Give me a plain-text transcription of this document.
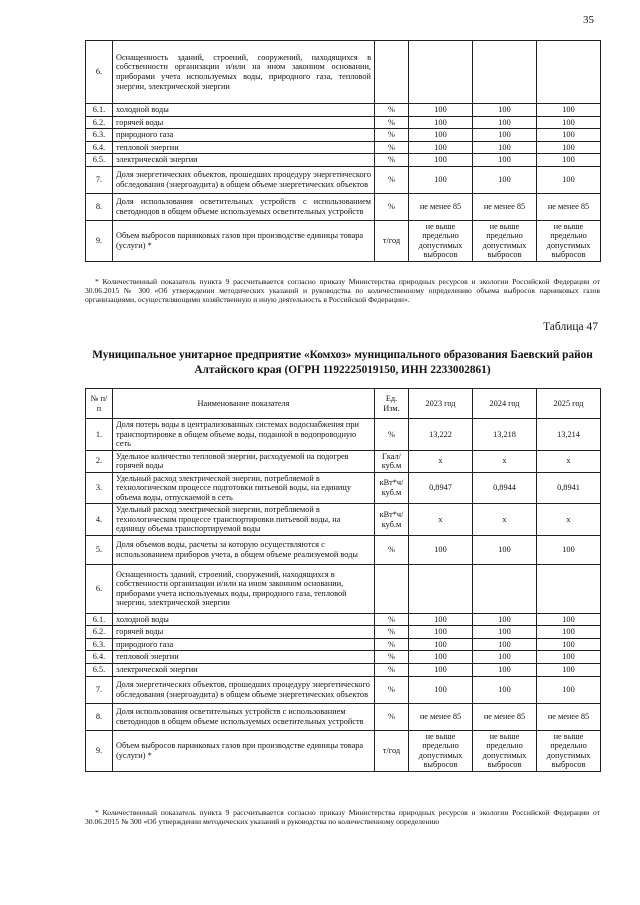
35
6.	Оснащенность зданий, строений, сооружений, находящихся в собственности организации и/или на ином законном основании, приборами учета используемых воды, природного газа, тепловой энергии, электрической энергии				
6.1.	холодной воды	%	100	100	100
6.2.	горячей воды	%	100	100	100
6.3.	природного газа	%	100	100	100
6.4.	тепловой энергии	%	100	100	100
6.5.	электрической энергии	%	100	100	100
7.	Доля энергетических объектов, прошедших процедуру энергетического обследования (энергоаудита) в общем объеме энергетических объектов	%	100	100	100
8.	Доля использования осветительных устройств с использованием светодиодов в общем объеме используемых осветительных устройств	%	не менее 85	не менее 85	не менее 85
9.	Объем выбросов парниковых газов при производстве единицы товара (услуги) *	т/год	не выше предельно допустимых выбросов	не выше предельно допустимых выбросов	не выше предельно допустимых выбросов
* Количественный показатель пункта 9 рассчитывается согласно приказу Министерства природных ресурсов и экологии Российской Федерации от 30.06.2015 № 300 «Об утверждении методических указаний и руководства по количественному определению объема выбросов парниковых газов организациями, осуществляющими хозяйственную и иную деятельность в Российской Федерации».
Таблица 47
Муниципальное унитарное предприятие «Комхоз» муниципального образования Баевский район Алтайского края (ОГРН 1192225019150, ИНН 2233002861)
№ п/п	Наименование показателя	Ед. Изм.	2023 год	2024 год	2025 год
1.	Доля потерь воды в централизованных системах водоснабжения при транспортировке в общем объеме воды, поданной в водопроводную сеть	%	13,222	13,218	13,214
2.	Удельное количество тепловой энергии, расходуемой на подогрев горячей воды	Гкал/ куб.м	x	x	x
3.	Удельный расход электрической энергии, потребляемой в технологическом процессе подготовки питьевой воды, на единицу объема воды, отпускаемой в сеть	кВт*ч/ куб.м	0,8947	0,8944	0,8941
4.	Удельный расход электрической энергии, потребляемой в технологическом процессе транспортировки питьевой воды, на единицу объема транспортируемой воды	кВт*ч/ куб.м	x	x	x
5.	Доля объемов воды, расчеты за которую осуществляются с использованием приборов учета, в общем объеме реализуемой воды	%	100	100	100
6.	Оснащенность зданий, строений, сооружений, находящихся в собственности организации и/или на ином законном основании, приборами учета используемых воды, природного газа, тепловой энергии, электрической энергии				
6.1.	холодной воды	%	100	100	100
6.2.	горячей воды	%	100	100	100
6.3.	природного газа	%	100	100	100
6.4.	тепловой энергии	%	100	100	100
6.5.	электрической энергии	%	100	100	100
7.	Доля энергетических объектов, прошедших процедуру энергетического обследования (энергоаудита) в общем объеме энергетических объектов	%	100	100	100
8.	Доля использования осветительных устройств с использованием светодиодов в общем объеме используемых осветительных устройств	%	не менее 85	не менее 85	не менее 85
9.	Объем выбросов парниковых газов при производстве единицы товара (услуги) *	т/год	не выше предельно допустимых выбросов	не выше предельно допустимых выбросов	не выше предельно допустимых выбросов
* Количественный показатель пункта 9 рассчитывается согласно приказу Министерства природных ресурсов и экологии Российской Федерации от 30.06.2015 № 300 «Об утверждении методических указаний и руководства по количественному определению
